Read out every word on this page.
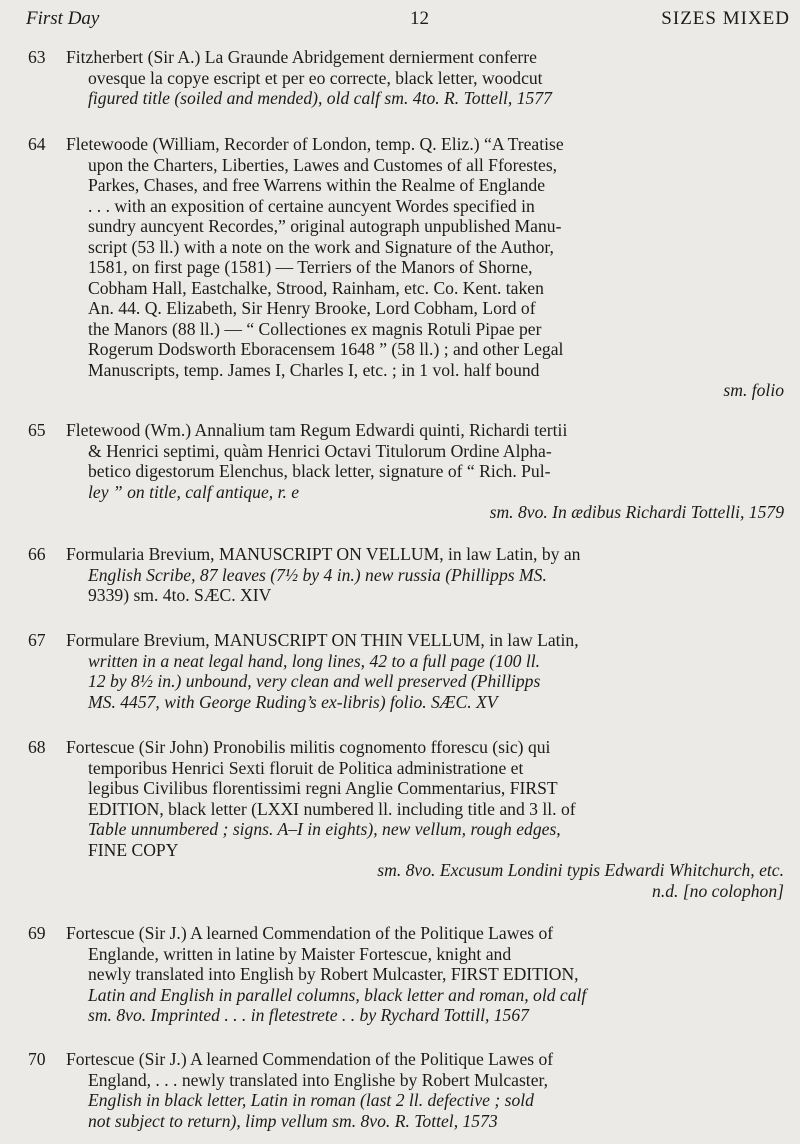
First Day	12	SIZES MIXED
63	Fitzherbert (Sir A.) La Graunde Abridgement dernierment conferre
ovesque la copye escript et per eo correcte, black letter, woodcut
figured title (soiled and mended), old calf sm. 4to. R. Tottell, 1577
64	Fletewoode (William, Recorder of London, temp. Q. Eliz.) “A Treatise
upon the Charters, Liberties, Lawes and Customes of all Fforestes,
Parkes, Chases, and free Warrens within the Realme of Englande
. . . with an exposition of certaine auncyent Wordes specified in
sundry auncyent Recordes,” original autograph unpublished Manu-
script (53 ll.) with a note on the work and Signature of the Author,
1581, on first page (1581) — Terriers of the Manors of Shorne,
Cobham Hall, Eastchalke, Strood, Rainham, etc. Co. Kent. taken
An. 44. Q. Elizabeth, Sir Henry Brooke, Lord Cobham, Lord of
the Manors (88 ll.) — “ Collectiones ex magnis Rotuli Pipae per
Rogerum Dodsworth Eboracensem 1648 ” (58 ll.) ; and other Legal
Manuscripts, temp. James I, Charles I, etc. ; in 1 vol. half bound
sm. folio
65	Fletewood (Wm.) Annalium tam Regum Edwardi quinti, Richardi tertii
& Henrici septimi, quàm Henrici Octavi Titulorum Ordine Alpha-
betico digestorum Elenchus, black letter, signature of “ Rich. Pul-
ley ” on title, calf antique, r. e
sm. 8vo. In ædibus Richardi Tottelli, 1579
66	Formularia Brevium, MANUSCRIPT ON VELLUM, in law Latin, by an
English Scribe, 87 leaves (7½ by 4 in.) new russia (Phillipps MS.
9339) sm. 4to. SÆC. XIV
67	Formulare Brevium, MANUSCRIPT ON THIN VELLUM, in law Latin,
written in a neat legal hand, long lines, 42 to a full page (100 ll.
12 by 8½ in.) unbound, very clean and well preserved (Phillipps
MS. 4457, with George Ruding’s ex-libris) folio. SÆC. XV
68	Fortescue (Sir John) Pronobilis militis cognomento fforescu (sic) qui
temporibus Henrici Sexti floruit de Politica administratione et
legibus Civilibus florentissimi regni Anglie Commentarius, FIRST
EDITION, black letter (LXXI numbered ll. including title and 3 ll. of
Table unnumbered ; signs. A–I in eights), new vellum, rough edges,
FINE COPY
sm. 8vo. Excusum Londini typis Edwardi Whitchurch, etc.
n.d. [no colophon]
69	Fortescue (Sir J.) A learned Commendation of the Politique Lawes of
Englande, written in latine by Maister Fortescue, knight and
newly translated into English by Robert Mulcaster, FIRST EDITION,
Latin and English in parallel columns, black letter and roman, old calf
sm. 8vo. Imprinted . . . in fletestrete . . by Rychard Tottill, 1567
70	Fortescue (Sir J.) A learned Commendation of the Politique Lawes of
England, . . . newly translated into Englishe by Robert Mulcaster,
English in black letter, Latin in roman (last 2 ll. defective ; sold
not subject to return), limp vellum sm. 8vo. R. Tottel, 1573
